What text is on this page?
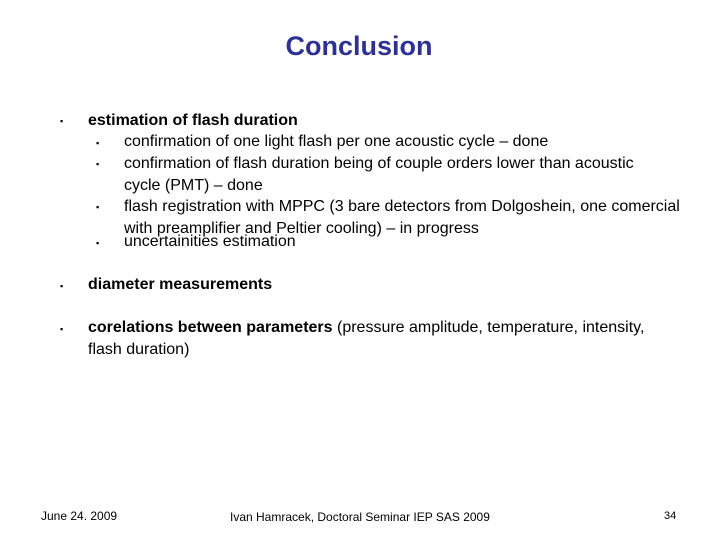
Conclusion
▪ estimation of flash duration
▪ confirmation of one light flash per one acoustic cycle – done
▪ confirmation of flash duration being of couple orders lower than acoustic cycle (PMT) – done
▪ flash registration with MPPC (3 bare detectors from Dolgoshein, one comercial with preamplifier and Peltier cooling) – in progress
▪ uncertainities estimation
▪ diameter measurements
▪ corelations between parameters (pressure amplitude, temperature, intensity, flash duration)
June 24. 2009	Ivan Hamracek, Doctoral Seminar IEP SAS 2009	34
